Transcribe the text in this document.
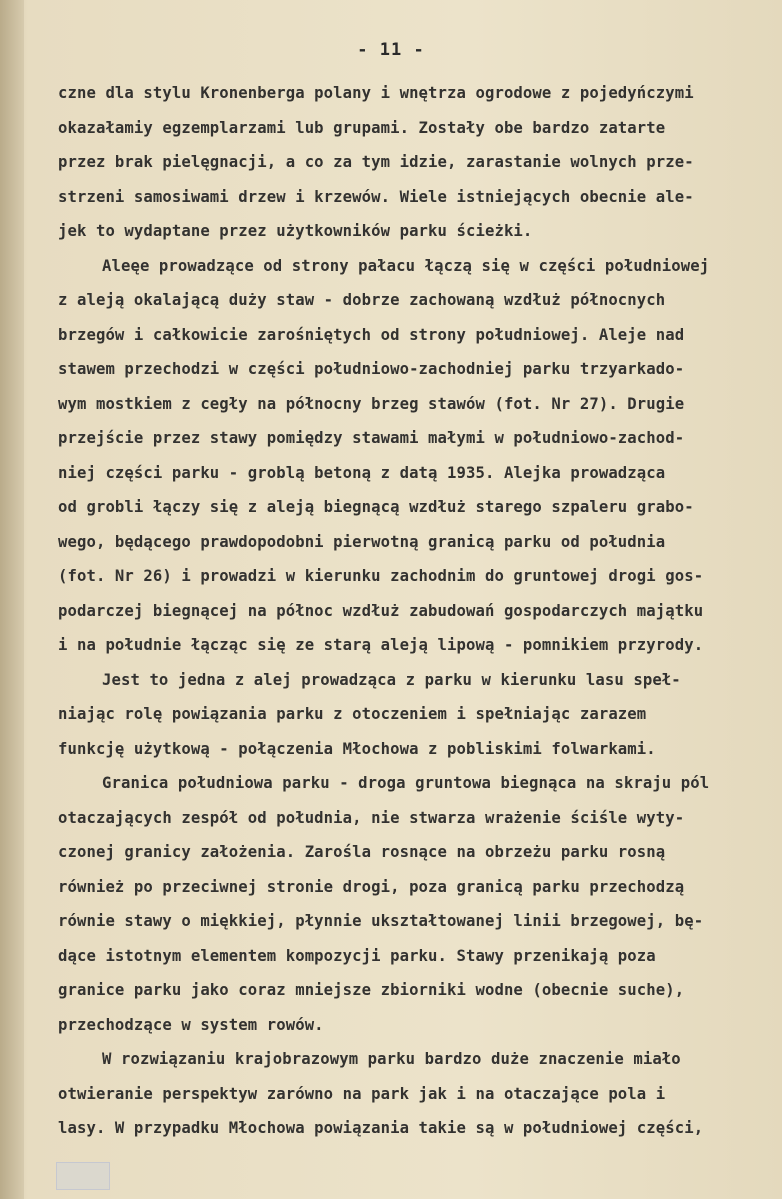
- 11 -
czne dla stylu Kronenberga polany i wnętrza ogrodowe z pojedyńczymi
okazałamiy egzemplarzami lub grupami. Zostały obe bardzo zatarte
przez brak pielęgnacji, a co za tym idzie, zarastanie wolnych prze-
strzeni samosiwami drzew i krzewów. Wiele istniejących obecnie ale-
jek to wydaptane przez użytkowników parku ścieżki.
Aleęe prowadzące od strony pałacu łączą się w części południowej
z aleją okalającą duży staw - dobrze zachowaną wzdłuż północnych
brzegów i całkowicie zarośniętych od strony południowej. Aleje nad
stawem przechodzi w części południowo-zachodniej parku trzyarkado-
wym mostkiem z cegły na północny brzeg stawów (fot. Nr 27). Drugie
przejście przez stawy pomiędzy stawami małymi w południowo-zachod-
niej części parku - groblą betoną z datą 1935. Alejka prowadząca
od grobli łączy się z aleją biegnącą wzdłuż starego szpaleru grabo-
wego, będącego prawdopodobni pierwotną granicą parku od południa
(fot. Nr 26) i prowadzi w kierunku zachodnim do gruntowej drogi gos-
podarczej biegnącej na północ wzdłuż zabudowań gospodarczych majątku
i na południe łącząc się ze starą aleją lipową - pomnikiem przyrody.
Jest to jedna z alej prowadząca z parku w kierunku lasu speł-
niając rolę powiązania parku z otoczeniem i spełniając zarazem
funkcję użytkową - połączenia Młochowa z pobliskimi folwarkami.
Granica południowa parku - droga gruntowa biegnąca na skraju pól
otaczających zespół od południa, nie stwarza wrażenie ściśle wyty-
czonej granicy założenia. Zarośla rosnące na obrzeżu parku rosną
również po przeciwnej stronie drogi, poza granicą parku przechodzą
równie stawy o miękkiej, płynnie ukształtowanej linii brzegowej, bę-
dące istotnym elementem kompozycji parku. Stawy przenikają poza
granice parku jako coraz mniejsze zbiorniki wodne (obecnie suche),
przechodzące w system rowów.
W rozwiązaniu krajobrazowym parku bardzo duże znaczenie miało
otwieranie perspektyw zarówno na park jak i na otaczające pola i
lasy. W przypadku Młochowa powiązania takie są w południowej części,
